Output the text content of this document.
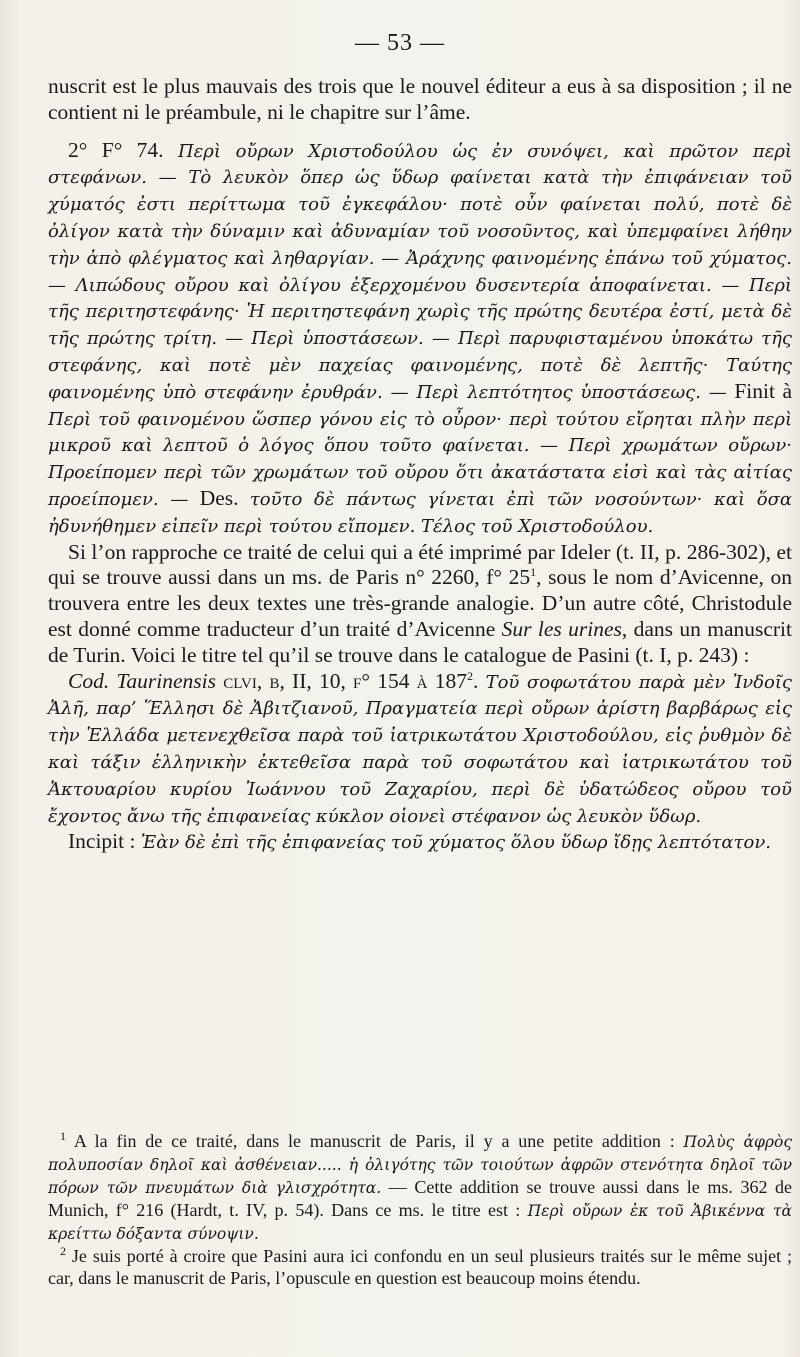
— 53 —

nuscrit est le plus mauvais des trois que le nouvel éditeur a eus à sa disposition ; il ne contient ni le préambule, ni le chapitre sur l’âme.

2° F° 74. Περὶ οὔρων Χριστοδούλου ὡς ἐν συνόψει, καὶ πρῶτον περὶ στεφάνων. — Τὸ λευκὸν ὅπερ ὡς ὕδωρ φαίνεται κατὰ τὴν ἐπιφάνειαν τοῦ χύματός ἐστι περίττωμα τοῦ ἐγκεφάλου· ποτὲ οὖν φαίνεται πολύ, ποτὲ δὲ ὀλίγον κατὰ τὴν δύναμιν καὶ ἀδυναμίαν τοῦ νοσοῦντος, καὶ ὑπεμφαίνει λήθην τὴν ἀπὸ φλέγματος καὶ ληθαργίαν. — Ἀράχνης φαινομένης ἐπάνω τοῦ χύματος. — Λιπώδους οὔρου καὶ ὀλίγου ἐξερχομένου δυσεντερία ἀποφαίνεται. — Περὶ τῆς περιτηστεφάνης· Ἡ περιτηστεφάνη χωρὶς τῆς πρώτης δευτέρα ἐστί, μετὰ δὲ τῆς πρώτης τρίτη. — Περὶ ὑποστάσεων. — Περὶ παρυφισταμένου ὑποκάτω τῆς στεφάνης, καὶ ποτὲ μὲν παχείας φαινομένης, ποτὲ δὲ λεπτῆς· Ταύτης φαινομένης ὑπὸ στεφάνην ἐρυθράν. — Περὶ λεπτότητος ὑποστάσεως. — Finit à Περὶ τοῦ φαινομένου ὥσπερ γόνου εἰς τὸ οὖρον· περὶ τούτου εἴρηται πλὴν περὶ μικροῦ καὶ λεπτοῦ ὁ λόγος ὅπου τοῦτο φαίνεται. — Περὶ χρωμάτων οὔρων· Προείπομεν περὶ τῶν χρωμάτων τοῦ οὔρου ὅτι ἀκατάστατα εἰσὶ καὶ τὰς αἰτίας προείπομεν. — Des. τοῦτο δὲ πάντως γίνεται ἐπὶ τῶν νοσούντων· καὶ ὅσα ἠδυνήθημεν εἰπεῖν περὶ τούτου εἴπομεν. Τέλος τοῦ Χριστοδούλου.

Si l’on rapproche ce traité de celui qui a été imprimé par Ideler (t. II, p. 286-302), et qui se trouve aussi dans un ms. de Paris n° 2260, f° $25^1$, sous le nom d’Avicenne, on trouvera entre les deux textes une très-grande analogie. D’un autre côté, Christodule est donné comme traducteur d’un traité d’Avicenne Sur les urines, dans un manuscrit de Turin. Voici le titre tel qu’il se trouve dans le catalogue de Pasini (t. I, p. 243) :

Cod. Taurinensis clvi, b, II, 10, f° 154 à $187^2$. Τοῦ σοφωτάτου παρὰ μὲν Ἰνδοῖς Ἀλῆ, παρ’ Ἕλλησι δὲ Ἀβιτζιανοῦ, Πραγματεία περὶ οὔρων ἀρίστη βαρβάρως εἰς τὴν Ἑλλάδα μετενεχθεῖσα παρὰ τοῦ ἰατρικωτάτου Χριστοδούλου, εἰς ῥυθμὸν δὲ καὶ τάξιν ἑλληνικὴν ἐκτεθεῖσα παρὰ τοῦ σοφωτάτου καὶ ἰατρικωτάτου τοῦ Ἀκτουαρίου κυρίου Ἰωάννου τοῦ Ζαχαρίου, περὶ δὲ ὑδατώδεος οὔρου τοῦ ἔχοντος ἄνω τῆς ἐπιφανείας κύκλον οἱονεὶ στέφανον ὡς λευκὸν ὕδωρ.

Incipit : Ἐὰν δὲ ἐπὶ τῆς ἐπιφανείας τοῦ χύματος ὅλου ὕδωρ ἴδῃς λεπτότατον.

$^1$ A la fin de ce traité, dans le manuscrit de Paris, il y a une petite addition : Πολὺς ἀφρὸς πολυποσίαν δηλοῖ καὶ ἀσθένειαν..... ἡ ὀλιγότης τῶν τοιούτων ἀφρῶν στενότητα δηλοῖ τῶν πόρων τῶν πνευμάτων διὰ γλισχρότητα. — Cette addition se trouve aussi dans le ms. 362 de Munich, f° 216 (Hardt, t. IV, p. 54). Dans ce ms. le titre est : Περὶ οὔρων ἐκ τοῦ Ἀβικέννα τὰ κρείττω δόξαντα σύνοψιν.

$^2$ Je suis porté à croire que Pasini aura ici confondu en un seul plusieurs traités sur le même sujet ; car, dans le manuscrit de Paris, l’opuscule en question est beaucoup moins étendu.
